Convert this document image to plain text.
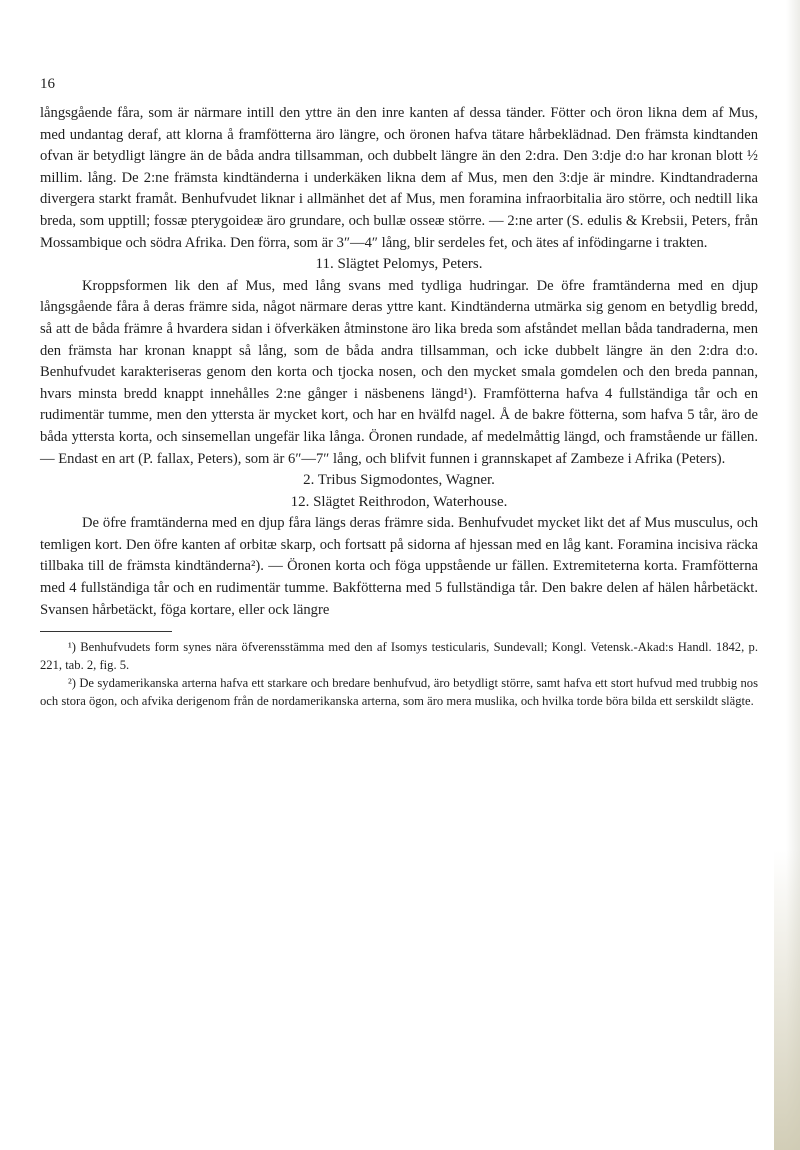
16

långsgående fåra, som är närmare intill den yttre än den inre kanten af dessa tänder. Fötter och öron likna dem af Mus, med undantag deraf, att klorna å framfötterna äro längre, och öronen hafva tätare hårbeklädnad. Den främsta kindtanden ofvan är betydligt längre än de båda andra tillsamman, och dubbelt längre än den 2:dra. Den 3:dje d:o har kronan blott ½ millim. lång. De 2:ne främsta kindtänderna i underkäken likna dem af Mus, men den 3:dje är mindre. Kindtandraderna divergera starkt framåt. Benhufvudet liknar i allmänhet det af Mus, men foramina infraorbitalia äro större, och nedtill lika breda, som upptill; fossæ pterygoideæ äro grundare, och bullæ osseæ större. — 2:ne arter (S. edulis & Krebsii, Peters, från Mossambique och södra Afrika. Den förra, som är 3″—4″ lång, blir serdeles fet, och ätes af infödingarne i trakten.

11. Slägtet Pelomys, Peters.

Kroppsformen lik den af Mus, med lång svans med tydliga hudringar. De öfre framtänderna med en djup långsgående fåra å deras främre sida, något närmare deras yttre kant. Kindtänderna utmärka sig genom en betydlig bredd, så att de båda främre å hvardera sidan i öfverkäken åtminstone äro lika breda som afståndet mellan båda tandraderna, men den främsta har kronan knappt så lång, som de båda andra tillsamman, och icke dubbelt längre än den 2:dra d:o. Benhufvudet karakteriseras genom den korta och tjocka nosen, och den mycket smala gomdelen och den breda pannan, hvars minsta bredd knappt innehålles 2:ne gånger i näsbenens längd¹). Framfötterna hafva 4 fullständiga tår och en rudimentär tumme, men den yttersta är mycket kort, och har en hvälfd nagel. Å de bakre fötterna, som hafva 5 tår, äro de båda yttersta korta, och sinsemellan ungefär lika långa. Öronen rundade, af medelmåttig längd, och framstående ur fällen. — Endast en art (P. fallax, Peters), som är 6″—7″ lång, och blifvit funnen i grannskapet af Zambeze i Afrika (Peters).

2. Tribus Sigmodontes, Wagner.

12. Slägtet Reithrodon, Waterhouse.

De öfre framtänderna med en djup fåra längs deras främre sida. Benhufvudet mycket likt det af Mus musculus, och temligen kort. Den öfre kanten af orbitæ skarp, och fortsatt på sidorna af hjessan med en låg kant. Foramina incisiva räcka tillbaka till de främsta kindtänderna²). — Öronen korta och föga uppstående ur fällen. Extremiteterna korta. Framfötterna med 4 fullständiga tår och en rudimentär tumme. Bakfötterna med 5 fullständiga tår. Den bakre delen af hälen hårbetäckt. Svansen hårbetäckt, föga kortare, eller ock längre

¹) Benhufvudets form synes nära öfverensstämma med den af Isomys testicularis, Sundevall; Kongl. Vetensk.-Akad:s Handl. 1842, p. 221, tab. 2, fig. 5.

²) De sydamerikanska arterna hafva ett starkare och bredare benhufvud, äro betydligt större, samt hafva ett stort hufvud med trubbig nos och stora ögon, och afvika derigenom från de nordamerikanska arterna, som äro mera muslika, och hvilka torde böra bilda ett serskildt slägte.
